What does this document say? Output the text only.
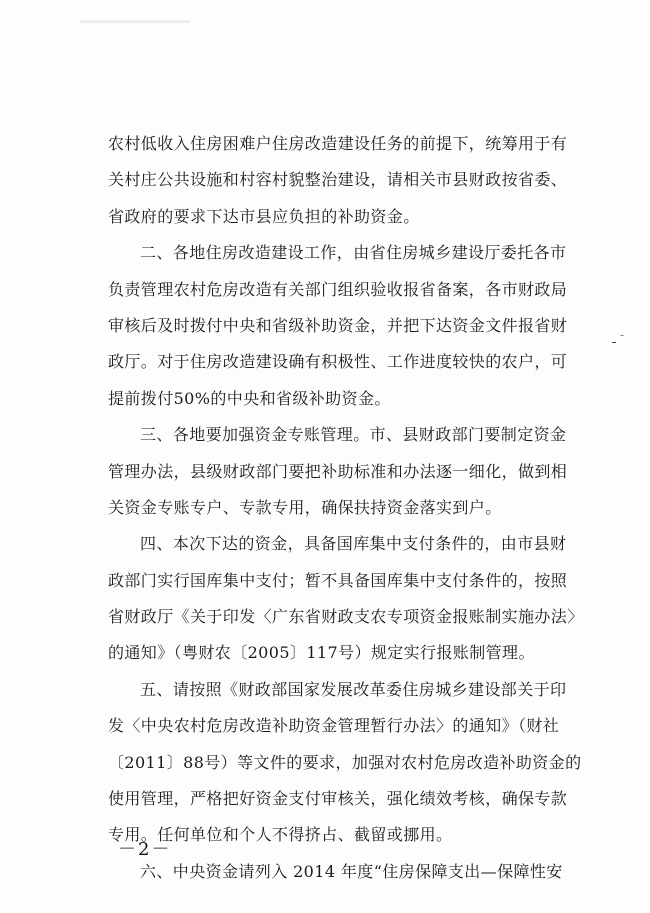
农村低收入住房困难户住房改造建设任务的前提下，统筹用于有
关村庄公共设施和村容村貌整治建设，请相关市县财政按省委、
省政府的要求下达市县应负担的补助资金。
二、各地住房改造建设工作，由省住房城乡建设厅委托各市
负责管理农村危房改造有关部门组织验收报省备案，各市财政局
审核后及时拨付中央和省级补助资金，并把下达资金文件报省财
政厅。对于住房改造建设确有积极性、工作进度较快的农户，可
提前拨付50%的中央和省级补助资金。
三、各地要加强资金专账管理。市、县财政部门要制定资金
管理办法，县级财政部门要把补助标准和办法逐一细化，做到相
关资金专账专户、专款专用，确保扶持资金落实到户。
四、本次下达的资金，具备国库集中支付条件的，由市县财
政部门实行国库集中支付；暂不具备国库集中支付条件的，按照
省财政厅《关于印发〈广东省财政支农专项资金报账制实施办法〉
的通知》（粤财农〔2005〕117号）规定实行报账制管理。
五、请按照《财政部国家发展改革委住房城乡建设部关于印
发〈中央农村危房改造补助资金管理暂行办法〉的通知》（财社
〔2011〕88号）等文件的要求，加强对农村危房改造补助资金的
使用管理，严格把好资金支付审核关，强化绩效考核，确保专款
专用。任何单位和个人不得挤占、截留或挪用。
六、中央资金请列入 2014 年度“住房保障支出—保障性安
-
－2－
